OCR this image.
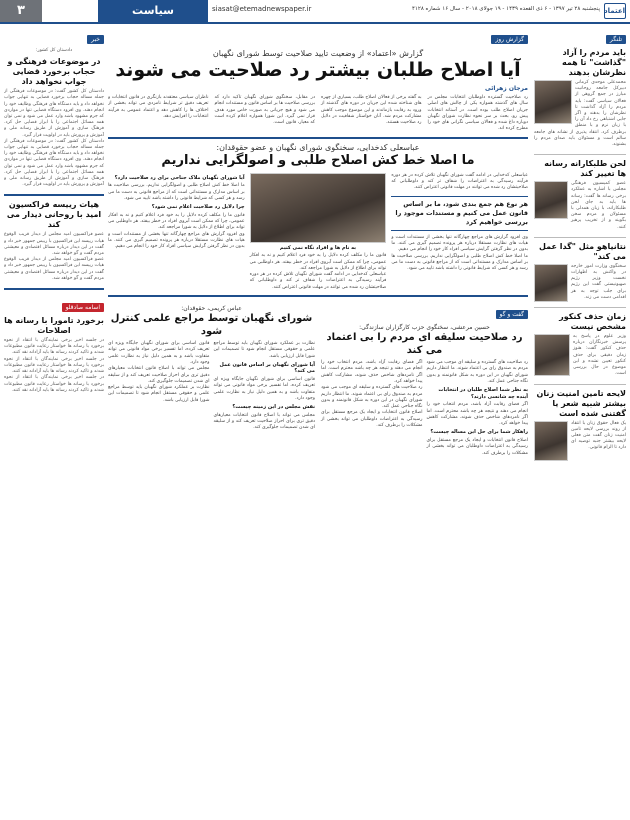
اعتماد
پنجشنبه ۲۸ تیر ۱۳۹۷ - ۶ ذی القعده ۱۴۳۹ - ۱۹ جولای ۲۰۱۸ - سال ۱۶ شماره ۴۱۲۸
siasat@etemadnewspaper.ir
سیاست
۳
تلنگر
باید مردم را آزاد "گذاشت" تا همه نظرشان بدهند
محمدعلی موحدی کرمانی دبیرکل جامعه روحانیت مبارز در جمع گروهی از فعالان سیاسی گفت: باید مردم را آزاد گذاشت تا نظرشان را بدهند و اگر جایی اشتباهی رخ داد آن را با زبان نرم و با منطق برطرف کرد. انتقاد پذیری از نشانه های جامعه سالم است و مسئولان باید صدای مردم را بشنوند.
لحن طلبکارانه رسانه ها تغییر کند
عضو کمیسیون فرهنگی مجلس با اشاره به عملکرد برخی رسانه ها گفت: رسانه ها باید به جای لحن طلبکارانه، با زبان همدلی با مسئولان و مردم سخن بگویند و از تخریب پرهیز کنند.
نتانیاهو مثل "گدا عمل می کند"
سخنگوی وزارت امور خارجه در واکنش به اظهارات نخست وزیر رژیم صهیونیستی گفت این رژیم برای جلب توجه به هر اقدامی دست می زند.
زمان حذف کنکور مشخص نیست
وزیر علوم در پاسخ به پرسش خبرنگاران درباره حذف کنکور گفت: هنوز زمان دقیقی برای حذف کنکور تعیین نشده و این موضوع در حال بررسی است.
لایحه تامین امنیت زنان بیشتر شبیه شعر یا گفتنی شده است
یک فعال حقوق زنان با انتقاد از روند بررسی لایحه تامین امنیت زنان گفت متن فعلی لایحه بیشتر جنبه توصیه ای دارد تا الزام قانونی.
خبر
دادستان کل کشور:
در موضوعات فرهنگی و حجاب برخورد قضایی جواب نخواهد داد
دادستان کل کشور گفت: در موضوعات فرهنگی از جمله مساله حجاب برخورد قضایی به تنهایی جواب نخواهد داد و باید دستگاه های فرهنگی وظایف خود را انجام دهند. وی افزود دستگاه قضایی تنها در مواردی که جرم مشهود باشد وارد عمل می شود و نمی توان همه مسائل اجتماعی را با ابزار قضایی حل کرد. فرهنگ سازی و آموزش از طریق رسانه ملی و آموزش و پرورش باید در اولویت قرار گیرد.
دادستان کل کشور گفت: در موضوعات فرهنگی از جمله مساله حجاب برخورد قضایی به تنهایی جواب نخواهد داد و باید دستگاه های فرهنگی وظایف خود را انجام دهند. وی افزود دستگاه قضایی تنها در مواردی که جرم مشهود باشد وارد عمل می شود و نمی توان همه مسائل اجتماعی را با ابزار قضایی حل کرد. فرهنگ سازی و آموزش از طریق رسانه ملی و آموزش و پرورش باید در اولویت قرار گیرد.
هیات رییسه فراکسیون امید با روحانی دیدار می کند
عضو فراکسیون امید مجلس از دیدار قریب الوقوع هیات رییسه این فراکسیون با رییس جمهور خبر داد و گفت در این دیدار درباره مسائل اقتصادی و معیشتی مردم گفت و گو خواهد شد.
عضو فراکسیون امید مجلس از دیدار قریب الوقوع هیات رییسه این فراکسیون با رییس جمهور خبر داد و گفت در این دیدار درباره مسائل اقتصادی و معیشتی مردم گفت و گو خواهد شد.
اسامه صادقلو
برخورد تامورا با رسانه ها اصلاحات
در جلسه اخیر برخی نمایندگان با انتقاد از نحوه برخورد با رسانه ها خواستار رعایت قانون مطبوعات شدند و تاکید کردند رسانه ها باید آزادانه نقد کنند.
در جلسه اخیر برخی نمایندگان با انتقاد از نحوه برخورد با رسانه ها خواستار رعایت قانون مطبوعات شدند و تاکید کردند رسانه ها باید آزادانه نقد کنند.
در جلسه اخیر برخی نمایندگان با انتقاد از نحوه برخورد با رسانه ها خواستار رعایت قانون مطبوعات شدند و تاکید کردند رسانه ها باید آزادانه نقد کنند.
گزارش روز
گزارش «اعتماد» از وضعیت تایید صلاحیت توسط شورای نگهبان
آیا اصلاح طلبان بیشتر رد صلاحیت می شوند
مرجان زهرائی
رد صلاحیت گسترده داوطلبان انتخابات مجلس در سال های گذشته همواره یکی از چالش های اصلی جریان اصلاح طلب بوده است. در آستانه انتخابات پیش رو، بحث بر سر نحوه نظارت شورای نگهبان دوباره داغ شده و فعالان سیاسی نگرانی های خود را مطرح کرده اند.
به گفته برخی از فعالان اصلاح طلب، بسیاری از چهره های شناخته شده این جریان در دوره های گذشته از ورود به رقابت بازماندند و این موضوع موجب کاهش مشارکت مردم شد. آنان خواستار شفافیت در دلایل رد صلاحیت هستند.
در مقابل، سخنگوی شورای نگهبان تاکید دارد که بررسی صلاحیت ها بر اساس قانون و مستندات انجام می شود و هیچ جریانی به صورت خاص مورد هدف قرار نمی گیرد. این شورا همواره اعلام کرده است که معیار، قانون است.
ناظران سیاسی معتقدند بازنگری در قانون انتخابات و تعریف دقیق تر شرایط نامزدی می تواند بخشی از اختلاف ها را کاهش دهد و اعتماد عمومی به فرآیند انتخابات را افزایش دهد.
عباسعلی کدخدایی، سخنگوی شورای نگهبان و عضو حقوقدان:
ما اصلا خط کش اصلاح طلبی و اصولگرایی نداریم
عباسعلی کدخدایی در ادامه گفت شورای نگهبان تلاش کرده در هر دوره فرآیند رسیدگی به اعتراضات را شفاف تر کند و داوطلبانی که صلاحیتشان رد شده می توانند در مهلت قانونی اعتراض کنند.
هر نوع هم جمع بندی شود، ما بر اساس قانون عمل می کنیم و مستندات موجود را بررسی خواهیم کرد
وی افزود گزارش های مراجع چهارگانه تنها بخشی از مستندات است و هیات های نظارت مستقلا درباره هر پرونده تصمیم گیری می کنند. ما بدون در نظر گرفتن گرایش سیاسی افراد کار خود را انجام می دهیم.
ما اصلا خط کش اصلاح طلبی و اصولگرایی نداریم. بررسی صلاحیت ها بر اساس مدارک و مستنداتی است که از مراجع قانونی به دست ما می رسد و هر کسی که شرایط قانونی را داشته باشد تایید می شود.
به نام ها و افراد نگاه نمی کنیم
قانون ما را مکلف کرده دلایل را به خود فرد اعلام کنیم و نه به افکار عمومی، چرا که ممکن است آبروی افراد در خطر بیفتد. هر داوطلبی می تواند برای اطلاع از دلایل به شورا مراجعه کند.
عباسعلی کدخدایی در ادامه گفت شورای نگهبان تلاش کرده در هر دوره فرآیند رسیدگی به اعتراضات را شفاف تر کند و داوطلبانی که صلاحیتشان رد شده می توانند در مهلت قانونی اعتراض کنند.
آیا شورای نگهبان ملاک جناحی برای رد صلاحیت دارد؟
ما اصلا خط کش اصلاح طلبی و اصولگرایی نداریم. بررسی صلاحیت ها بر اساس مدارک و مستنداتی است که از مراجع قانونی به دست ما می رسد و هر کسی که شرایط قانونی را داشته باشد تایید می شود.
چرا دلایل رد صلاحیت اعلام نمی شود؟
قانون ما را مکلف کرده دلایل را به خود فرد اعلام کنیم و نه به افکار عمومی، چرا که ممکن است آبروی افراد در خطر بیفتد. هر داوطلبی می تواند برای اطلاع از دلایل به شورا مراجعه کند.
وی افزود گزارش های مراجع چهارگانه تنها بخشی از مستندات است و هیات های نظارت مستقلا درباره هر پرونده تصمیم گیری می کنند. ما بدون در نظر گرفتن گرایش سیاسی افراد کار خود را انجام می دهیم.
گفت و گو
حسین مرعشی، سخنگوی حزب کارگزاران سازندگی:
رد صلاحیت سلیقه ای مردم را بی اعتماد می کند
رد صلاحیت های گسترده و سلیقه ای موجب می شود مردم به صندوق رای بی اعتماد شوند. ما انتظار داریم شورای نگهبان در این دوره به شکل قانونمند و بدون نگاه جناحی عمل کند.
به نظر شما اصلاح طلبان در انتخابات آینده چه شانسی دارند؟
اگر فضای رقابت آزاد باشد، مردم انتخاب خود را انجام می دهند و نتیجه هر چه باشد محترم است. اما اگر نامزدهای شاخص حذف شوند، مشارکت کاهش پیدا خواهد کرد.
راهکار شما برای حل این مساله چیست؟
اصلاح قانون انتخابات و ایجاد یک مرجع مستقل برای رسیدگی به اعتراضات داوطلبان می تواند بخشی از مشکلات را برطرف کند.
اگر فضای رقابت آزاد باشد، مردم انتخاب خود را انجام می دهند و نتیجه هر چه باشد محترم است. اما اگر نامزدهای شاخص حذف شوند، مشارکت کاهش پیدا خواهد کرد.
رد صلاحیت های گسترده و سلیقه ای موجب می شود مردم به صندوق رای بی اعتماد شوند. ما انتظار داریم شورای نگهبان در این دوره به شکل قانونمند و بدون نگاه جناحی عمل کند.
اصلاح قانون انتخابات و ایجاد یک مرجع مستقل برای رسیدگی به اعتراضات داوطلبان می تواند بخشی از مشکلات را برطرف کند.
عباس کریمی، حقوقدان:
شورای نگهبان توسط مراجع علمی کنترل شود
نظارت بر عملکرد شورای نگهبان باید توسط مراجع علمی و حقوقی مستقل انجام شود تا تصمیمات این شورا قابل ارزیابی باشد.
آیا شورای نگهبان بر اساس قانون عمل می کند؟
قانون اساسی برای شورای نگهبان جایگاه ویژه ای تعریف کرده، اما تفسیر برخی مواد قانونی می تواند متفاوت باشد و به همین دلیل نیاز به نظارت علمی وجود دارد.
نقش مجلس در این زمینه چیست؟
مجلس می تواند با اصلاح قانون انتخابات معیارهای دقیق تری برای احراز صلاحیت تعریف کند و از سلیقه ای شدن تصمیمات جلوگیری کند.
قانون اساسی برای شورای نگهبان جایگاه ویژه ای تعریف کرده، اما تفسیر برخی مواد قانونی می تواند متفاوت باشد و به همین دلیل نیاز به نظارت علمی وجود دارد.
مجلس می تواند با اصلاح قانون انتخابات معیارهای دقیق تری برای احراز صلاحیت تعریف کند و از سلیقه ای شدن تصمیمات جلوگیری کند.
نظارت بر عملکرد شورای نگهبان باید توسط مراجع علمی و حقوقی مستقل انجام شود تا تصمیمات این شورا قابل ارزیابی باشد.
